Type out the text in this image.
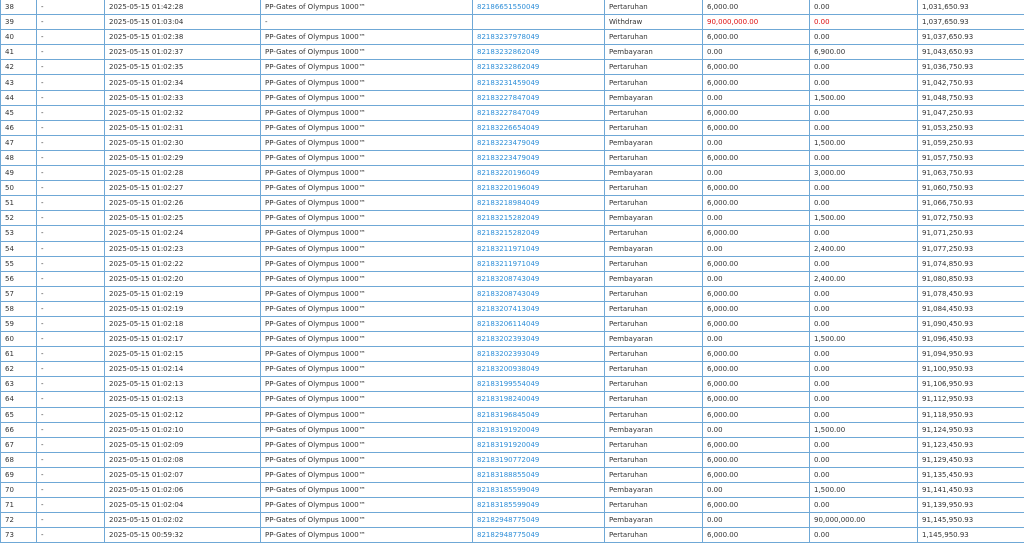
38	-	2025-05-15 01:42:28	PP-Gates of Olympus 1000™	82186651550049	Pertaruhan	6,000.00	0.00	1,031,650.93
39	-	2025-05-15 01:03:04	-		Withdraw	90,000,000.00	0.00	1,037,650.93
40	-	2025-05-15 01:02:38	PP-Gates of Olympus 1000™	82183237978049	Pertaruhan	6,000.00	0.00	91,037,650.93
41	-	2025-05-15 01:02:37	PP-Gates of Olympus 1000™	82183232862049	Pembayaran	0.00	6,900.00	91,043,650.93
42	-	2025-05-15 01:02:35	PP-Gates of Olympus 1000™	82183232862049	Pertaruhan	6,000.00	0.00	91,036,750.93
43	-	2025-05-15 01:02:34	PP-Gates of Olympus 1000™	82183231459049	Pertaruhan	6,000.00	0.00	91,042,750.93
44	-	2025-05-15 01:02:33	PP-Gates of Olympus 1000™	82183227847049	Pembayaran	0.00	1,500.00	91,048,750.93
45	-	2025-05-15 01:02:32	PP-Gates of Olympus 1000™	82183227847049	Pertaruhan	6,000.00	0.00	91,047,250.93
46	-	2025-05-15 01:02:31	PP-Gates of Olympus 1000™	82183226654049	Pertaruhan	6,000.00	0.00	91,053,250.93
47	-	2025-05-15 01:02:30	PP-Gates of Olympus 1000™	82183223479049	Pembayaran	0.00	1,500.00	91,059,250.93
48	-	2025-05-15 01:02:29	PP-Gates of Olympus 1000™	82183223479049	Pertaruhan	6,000.00	0.00	91,057,750.93
49	-	2025-05-15 01:02:28	PP-Gates of Olympus 1000™	82183220196049	Pembayaran	0.00	3,000.00	91,063,750.93
50	-	2025-05-15 01:02:27	PP-Gates of Olympus 1000™	82183220196049	Pertaruhan	6,000.00	0.00	91,060,750.93
51	-	2025-05-15 01:02:26	PP-Gates of Olympus 1000™	82183218984049	Pertaruhan	6,000.00	0.00	91,066,750.93
52	-	2025-05-15 01:02:25	PP-Gates of Olympus 1000™	82183215282049	Pembayaran	0.00	1,500.00	91,072,750.93
53	-	2025-05-15 01:02:24	PP-Gates of Olympus 1000™	82183215282049	Pertaruhan	6,000.00	0.00	91,071,250.93
54	-	2025-05-15 01:02:23	PP-Gates of Olympus 1000™	82183211971049	Pembayaran	0.00	2,400.00	91,077,250.93
55	-	2025-05-15 01:02:22	PP-Gates of Olympus 1000™	82183211971049	Pertaruhan	6,000.00	0.00	91,074,850.93
56	-	2025-05-15 01:02:20	PP-Gates of Olympus 1000™	82183208743049	Pembayaran	0.00	2,400.00	91,080,850.93
57	-	2025-05-15 01:02:19	PP-Gates of Olympus 1000™	82183208743049	Pertaruhan	6,000.00	0.00	91,078,450.93
58	-	2025-05-15 01:02:19	PP-Gates of Olympus 1000™	82183207413049	Pertaruhan	6,000.00	0.00	91,084,450.93
59	-	2025-05-15 01:02:18	PP-Gates of Olympus 1000™	82183206114049	Pertaruhan	6,000.00	0.00	91,090,450.93
60	-	2025-05-15 01:02:17	PP-Gates of Olympus 1000™	82183202393049	Pembayaran	0.00	1,500.00	91,096,450.93
61	-	2025-05-15 01:02:15	PP-Gates of Olympus 1000™	82183202393049	Pertaruhan	6,000.00	0.00	91,094,950.93
62	-	2025-05-15 01:02:14	PP-Gates of Olympus 1000™	82183200938049	Pertaruhan	6,000.00	0.00	91,100,950.93
63	-	2025-05-15 01:02:13	PP-Gates of Olympus 1000™	82183199554049	Pertaruhan	6,000.00	0.00	91,106,950.93
64	-	2025-05-15 01:02:13	PP-Gates of Olympus 1000™	82183198240049	Pertaruhan	6,000.00	0.00	91,112,950.93
65	-	2025-05-15 01:02:12	PP-Gates of Olympus 1000™	82183196845049	Pertaruhan	6,000.00	0.00	91,118,950.93
66	-	2025-05-15 01:02:10	PP-Gates of Olympus 1000™	82183191920049	Pembayaran	0.00	1,500.00	91,124,950.93
67	-	2025-05-15 01:02:09	PP-Gates of Olympus 1000™	82183191920049	Pertaruhan	6,000.00	0.00	91,123,450.93
68	-	2025-05-15 01:02:08	PP-Gates of Olympus 1000™	82183190772049	Pertaruhan	6,000.00	0.00	91,129,450.93
69	-	2025-05-15 01:02:07	PP-Gates of Olympus 1000™	82183188855049	Pertaruhan	6,000.00	0.00	91,135,450.93
70	-	2025-05-15 01:02:06	PP-Gates of Olympus 1000™	82183185599049	Pembayaran	0.00	1,500.00	91,141,450.93
71	-	2025-05-15 01:02:04	PP-Gates of Olympus 1000™	82183185599049	Pertaruhan	6,000.00	0.00	91,139,950.93
72	-	2025-05-15 01:02:02	PP-Gates of Olympus 1000™	82182948775049	Pembayaran	0.00	90,000,000.00	91,145,950.93
73	-	2025-05-15 00:59:32	PP-Gates of Olympus 1000™	82182948775049	Pertaruhan	6,000.00	0.00	1,145,950.93
